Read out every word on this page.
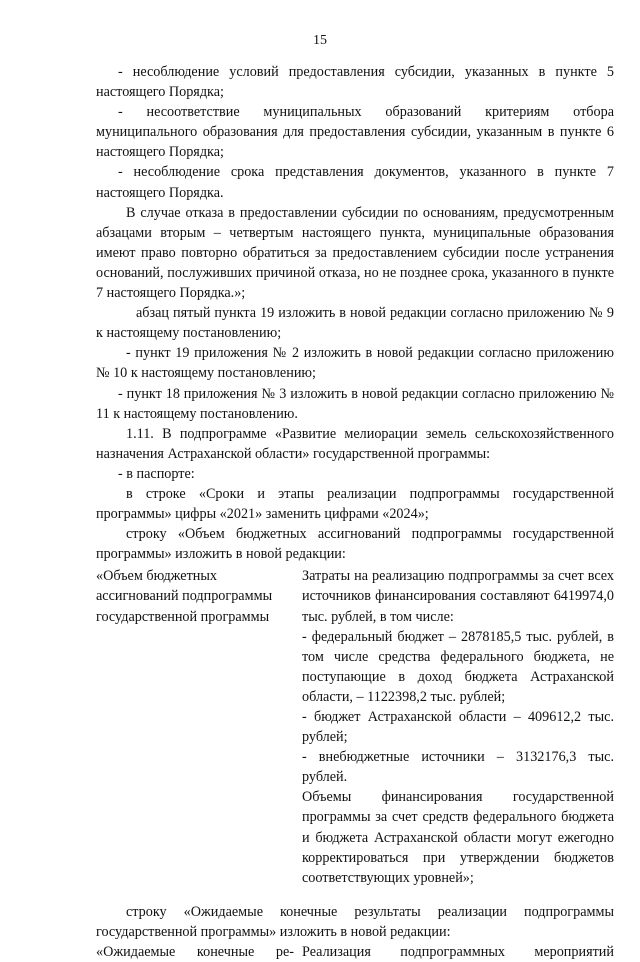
15

- несоблюдение условий предоставления субсидии, указанных в пункте 5 настоящего Порядка;

- несоответствие муниципальных образований критериям отбора муниципального образования для предоставления субсидии, указанным в пункте 6 настоящего Порядка;

- несоблюдение срока представления документов, указанного в пункте 7 настоящего Порядка.

В случае отказа в предоставлении субсидии по основаниям, предусмотренным абзацами вторым – четвертым настоящего пункта, муниципальные образования имеют право повторно обратиться за предоставлением субсидии после устранения оснований, послуживших причиной отказа, но не позднее срока, указанного в пункте 7 настоящего Порядка.»;

абзац пятый пункта 19 изложить в новой редакции согласно приложению № 9 к настоящему постановлению;

- пункт 19 приложения № 2 изложить в новой редакции согласно приложению № 10 к настоящему постановлению;

- пункт 18 приложения № 3 изложить в новой редакции согласно приложению № 11 к настоящему постановлению.

1.11. В подпрограмме «Развитие мелиорации земель сельскохозяйственного назначения Астраханской области» государственной программы:

- в паспорте:

в строке «Сроки и этапы реализации подпрограммы государственной программы» цифры «2021» заменить цифрами «2024»;

строку «Объем бюджетных ассигнований подпрограммы государственной программы» изложить в новой редакции:

«Объем бюджетных ассигнований подпрограммы государственной программы

Затраты на реализацию подпрограммы за счет всех источников финансирования составляют 6419974,0 тыс. рублей, в том числе:

- федеральный бюджет – 2878185,5 тыс. рублей, в том числе средства федерального бюджета, не поступающие в доход бюджета Астраханской области, – 1122398,2 тыс. рублей;

- бюджет Астраханской области – 409612,2 тыс. рублей;

- внебюджетные источники – 3132176,3 тыс. рублей.

Объемы финансирования государственной программы за счет средств федерального бюджета и бюджета Астраханской области могут ежегодно корректироваться при утверждении бюджетов соответствующих уровней»;

строку «Ожидаемые конечные результаты реализации подпрограммы государственной программы» изложить в новой редакции:

«Ожидаемые конечные ре- Реализация подпрограммных мероприятий
